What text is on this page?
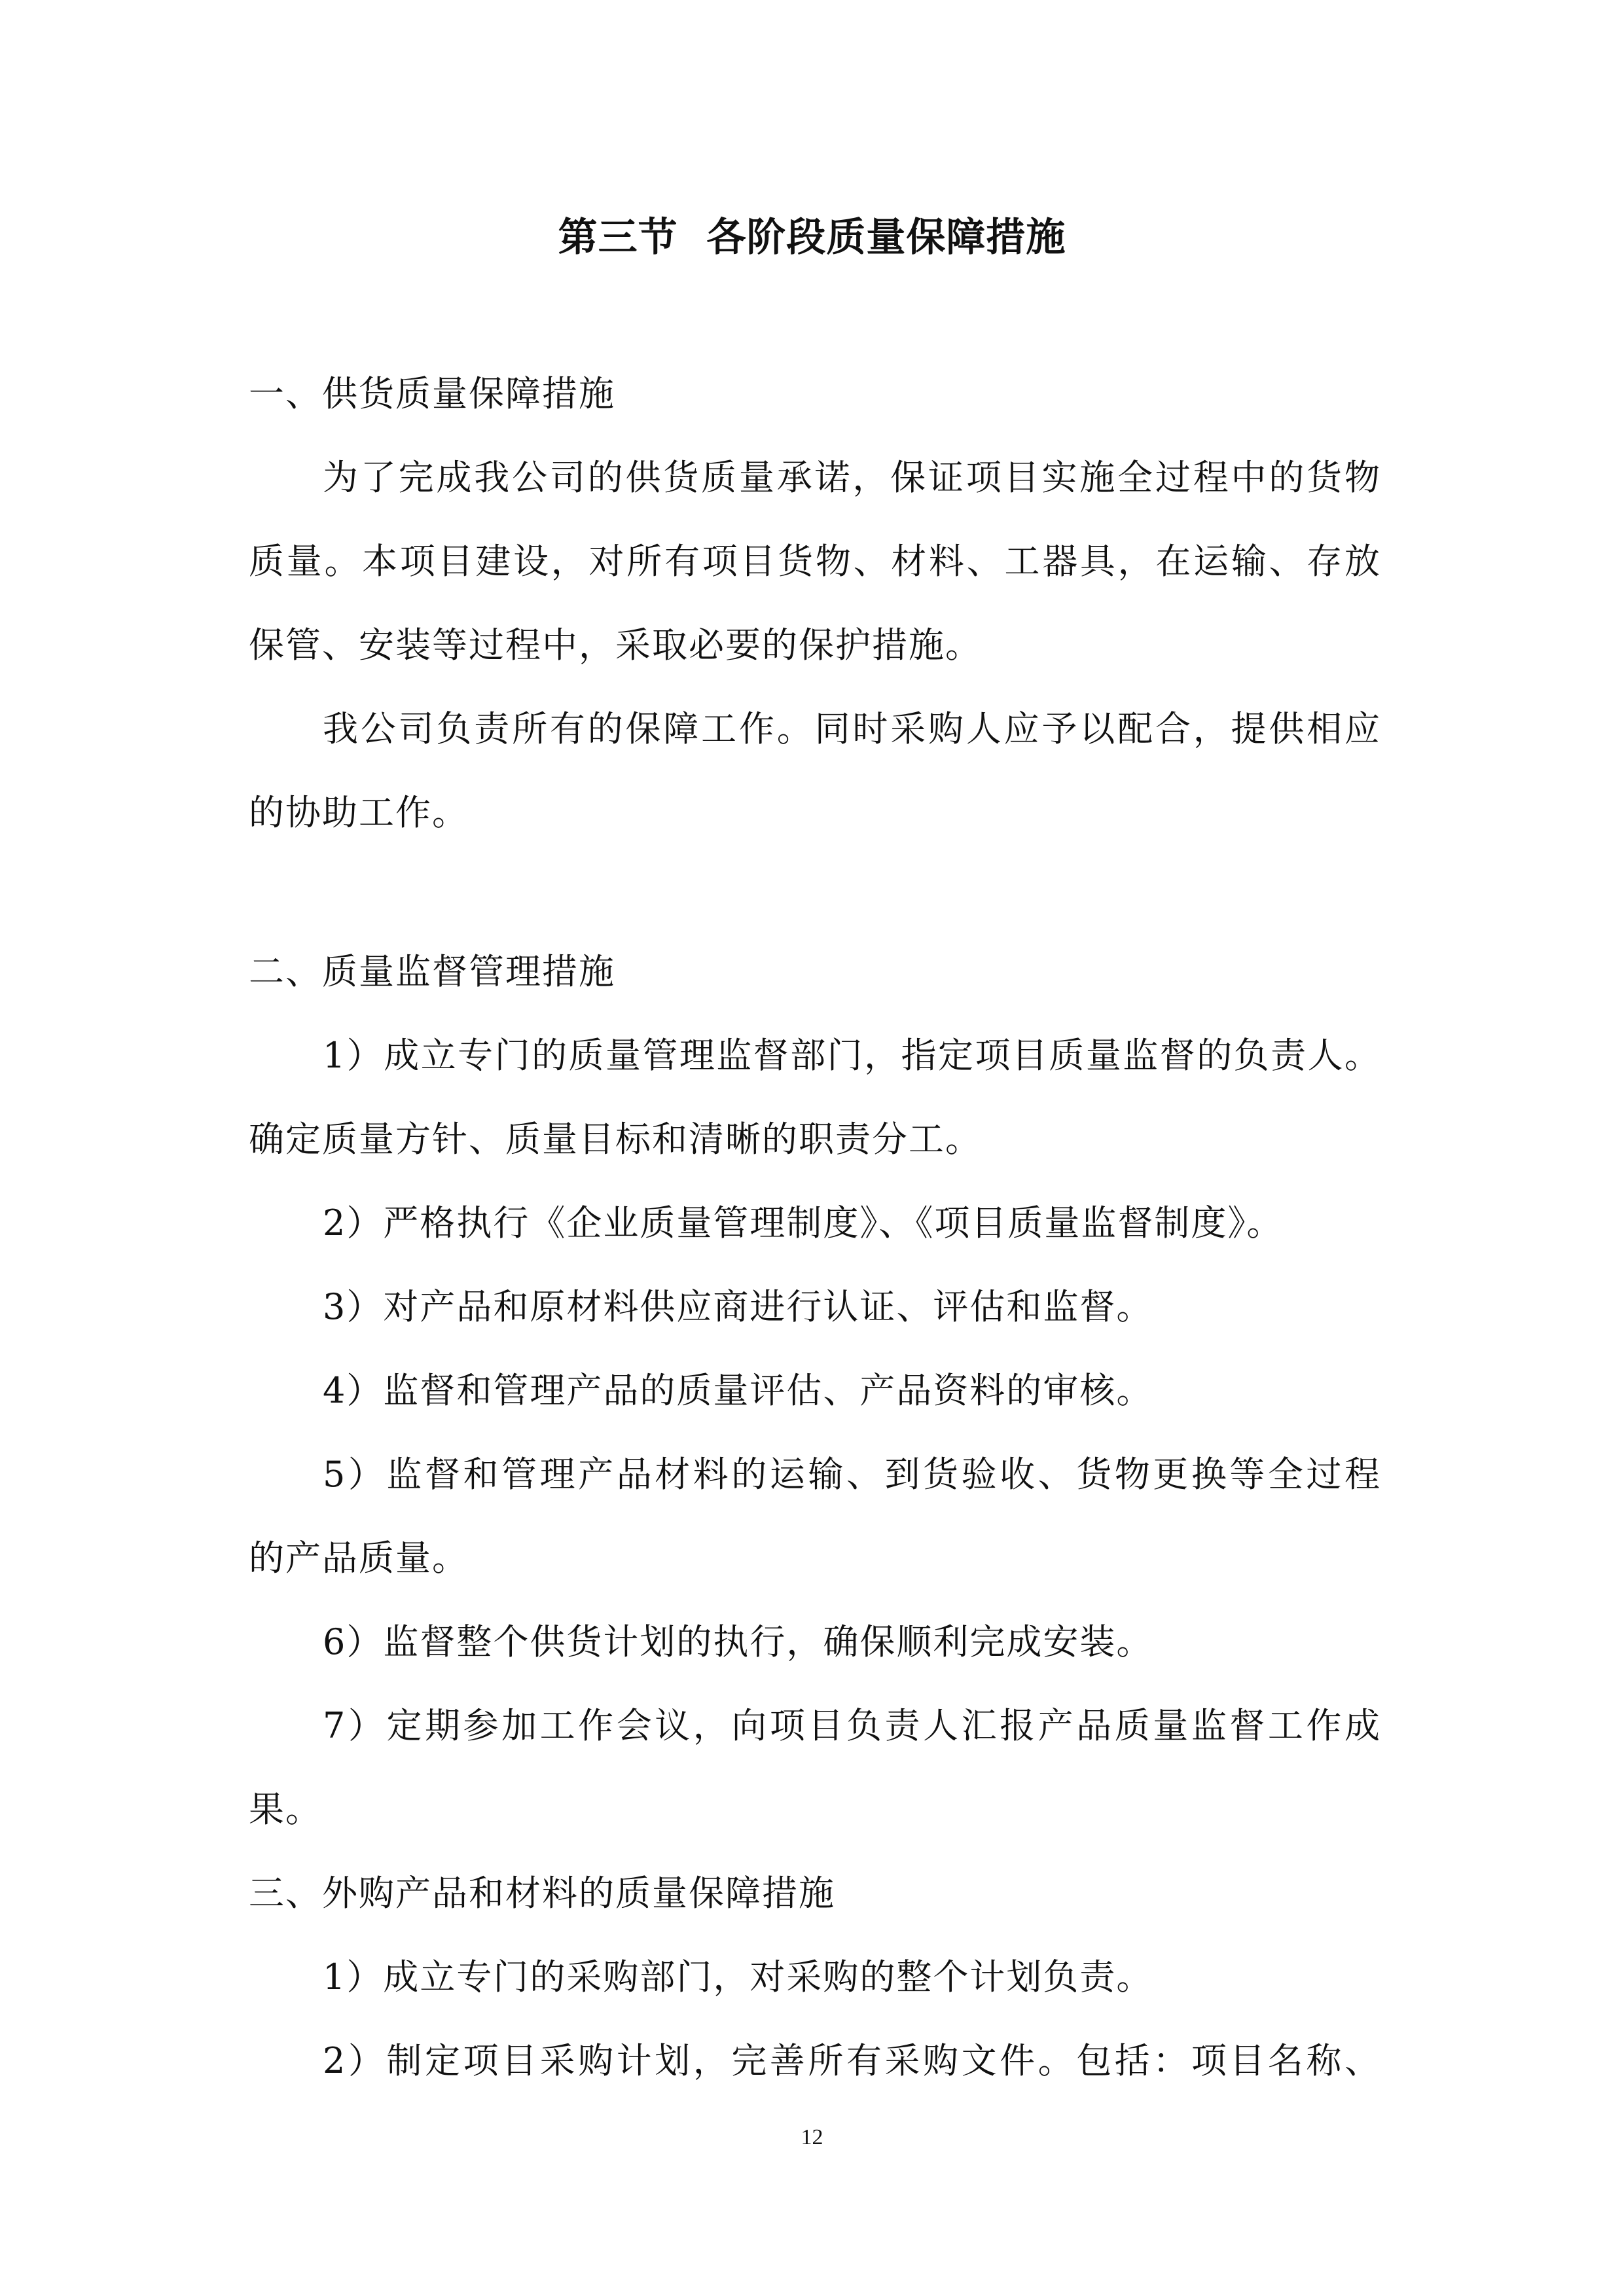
第三节  各阶段质量保障措施
一、供货质量保障措施
为了完成我公司的供货质量承诺，保证项目实施全过程中的货物
质量。本项目建设，对所有项目货物、材料、工器具，在运输、存放
保管、安装等过程中，采取必要的保护措施。
我公司负责所有的保障工作。同时采购人应予以配合，提供相应
的协助工作。
二、质量监督管理措施
1）成立专门的质量管理监督部门，指定项目质量监督的负责人。
确定质量方针、质量目标和清晰的职责分工。
2）严格执行《企业质量管理制度》、《项目质量监督制度》。
3）对产品和原材料供应商进行认证、评估和监督。
4）监督和管理产品的质量评估、产品资料的审核。
5）监督和管理产品材料的运输、到货验收、货物更换等全过程
的产品质量。
6）监督整个供货计划的执行，确保顺利完成安装。
7）定期参加工作会议，向项目负责人汇报产品质量监督工作成
果。
三、外购产品和材料的质量保障措施
1）成立专门的采购部门，对采购的整个计划负责。
2）制定项目采购计划，完善所有采购文件。包括：项目名称、
12
